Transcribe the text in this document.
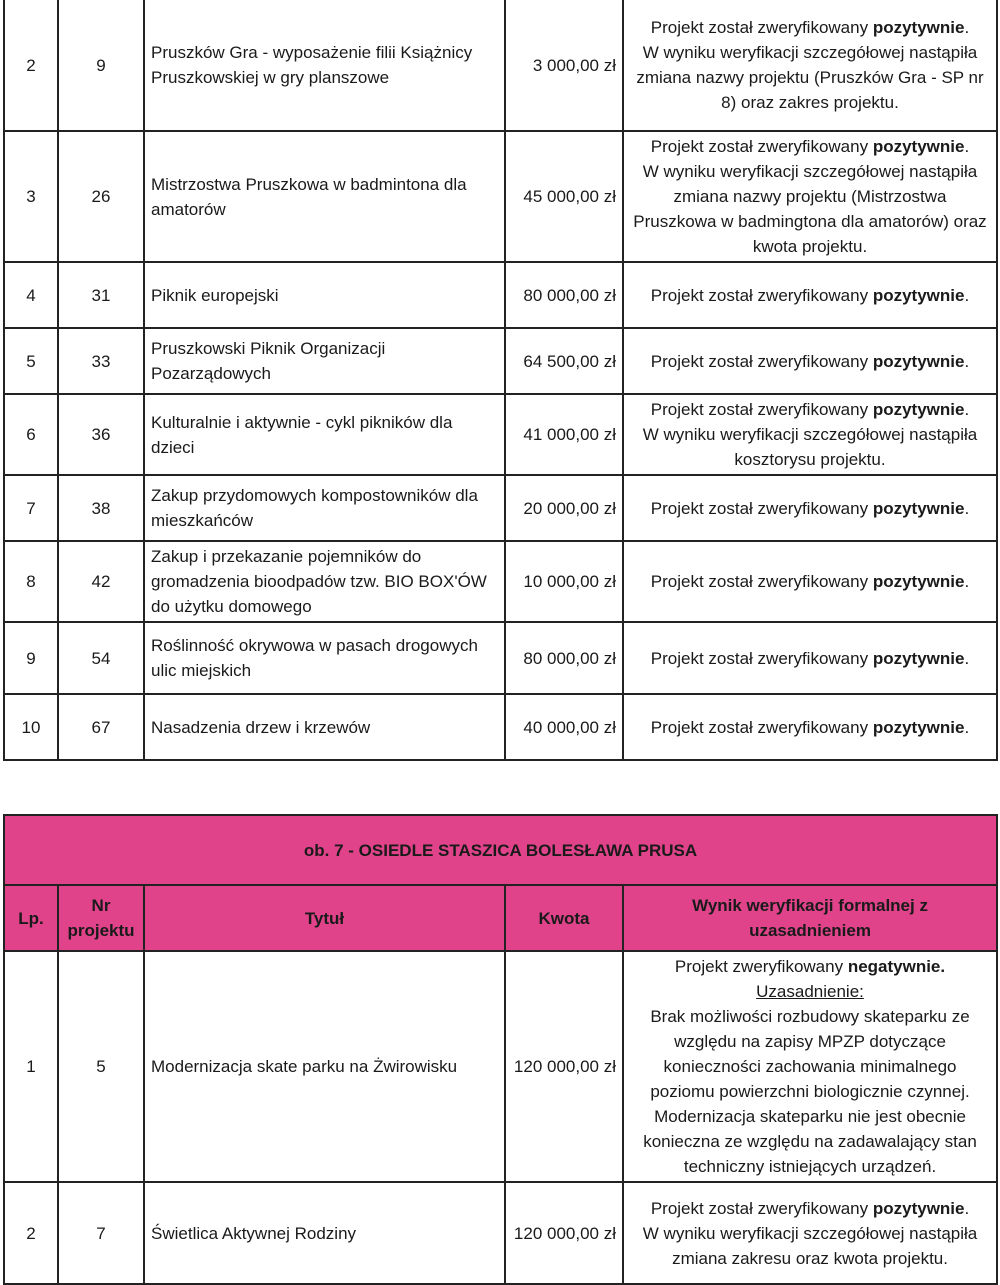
2	9	Pruszków Gra - wyposażenie filii Książnicy Pruszkowskiej w gry planszowe	3 000,00 zł	Projekt został zweryfikowany pozytywnie.
W wyniku weryfikacji szczegółowej nastąpiła zmiana nazwy projektu (Pruszków Gra - SP nr 8) oraz zakres projektu.

3	26	Mistrzostwa Pruszkowa w badmintona dla amatorów	45 000,00 zł	Projekt został zweryfikowany pozytywnie.
W wyniku weryfikacji szczegółowej nastąpiła zmiana nazwy projektu (Mistrzostwa Pruszkowa w badmingtona dla amatorów) oraz kwota projektu.

4	31	Piknik europejski	80 000,00 zł	Projekt został zweryfikowany pozytywnie.
5	33	Pruszkowski Piknik Organizacji Pozarządowych	64 500,00 zł	Projekt został zweryfikowany pozytywnie.
6	36	Kulturalnie i aktywnie - cykl pikników dla dzieci	41 000,00 zł	Projekt został zweryfikowany pozytywnie.
W wyniku weryfikacji szczegółowej nastąpiła kosztorysu projektu.

7	38	Zakup przydomowych kompostowników dla mieszkańców	20 000,00 zł	Projekt został zweryfikowany pozytywnie.
8	42	Zakup i przekazanie pojemników do gromadzenia bioodpadów tzw. BIO BOX'ÓW do użytku domowego	10 000,00 zł	Projekt został zweryfikowany pozytywnie.
9	54	Roślinność okrywowa w pasach drogowych ulic miejskich	80 000,00 zł	Projekt został zweryfikowany pozytywnie.
10	67	Nasadzenia drzew i krzewów	40 000,00 zł	Projekt został zweryfikowany pozytywnie.
ob. 7 - OSIEDLE STASZICA BOLESŁAWA PRUSA				
Lp.	Nr projektu	Tytuł	Kwota	Wynik weryfikacji formalnej z uzasadnieniem
1	5	Modernizacja skate parku na Żwirowisku	120 000,00 zł	Projekt zweryfikowany negatywnie.
Uzasadnienie:
Brak możliwości rozbudowy skateparku ze względu na zapisy MPZP dotyczące konieczności zachowania minimalnego poziomu powierzchni biologicznie czynnej. Modernizacja skateparku nie jest obecnie konieczna ze względu na zadawalający stan techniczny istniejących urządzeń.

2	7	Świetlica Aktywnej Rodziny	120 000,00 zł	Projekt został zweryfikowany pozytywnie.
W wyniku weryfikacji szczegółowej nastąpiła zmiana zakresu oraz kwota projektu.
